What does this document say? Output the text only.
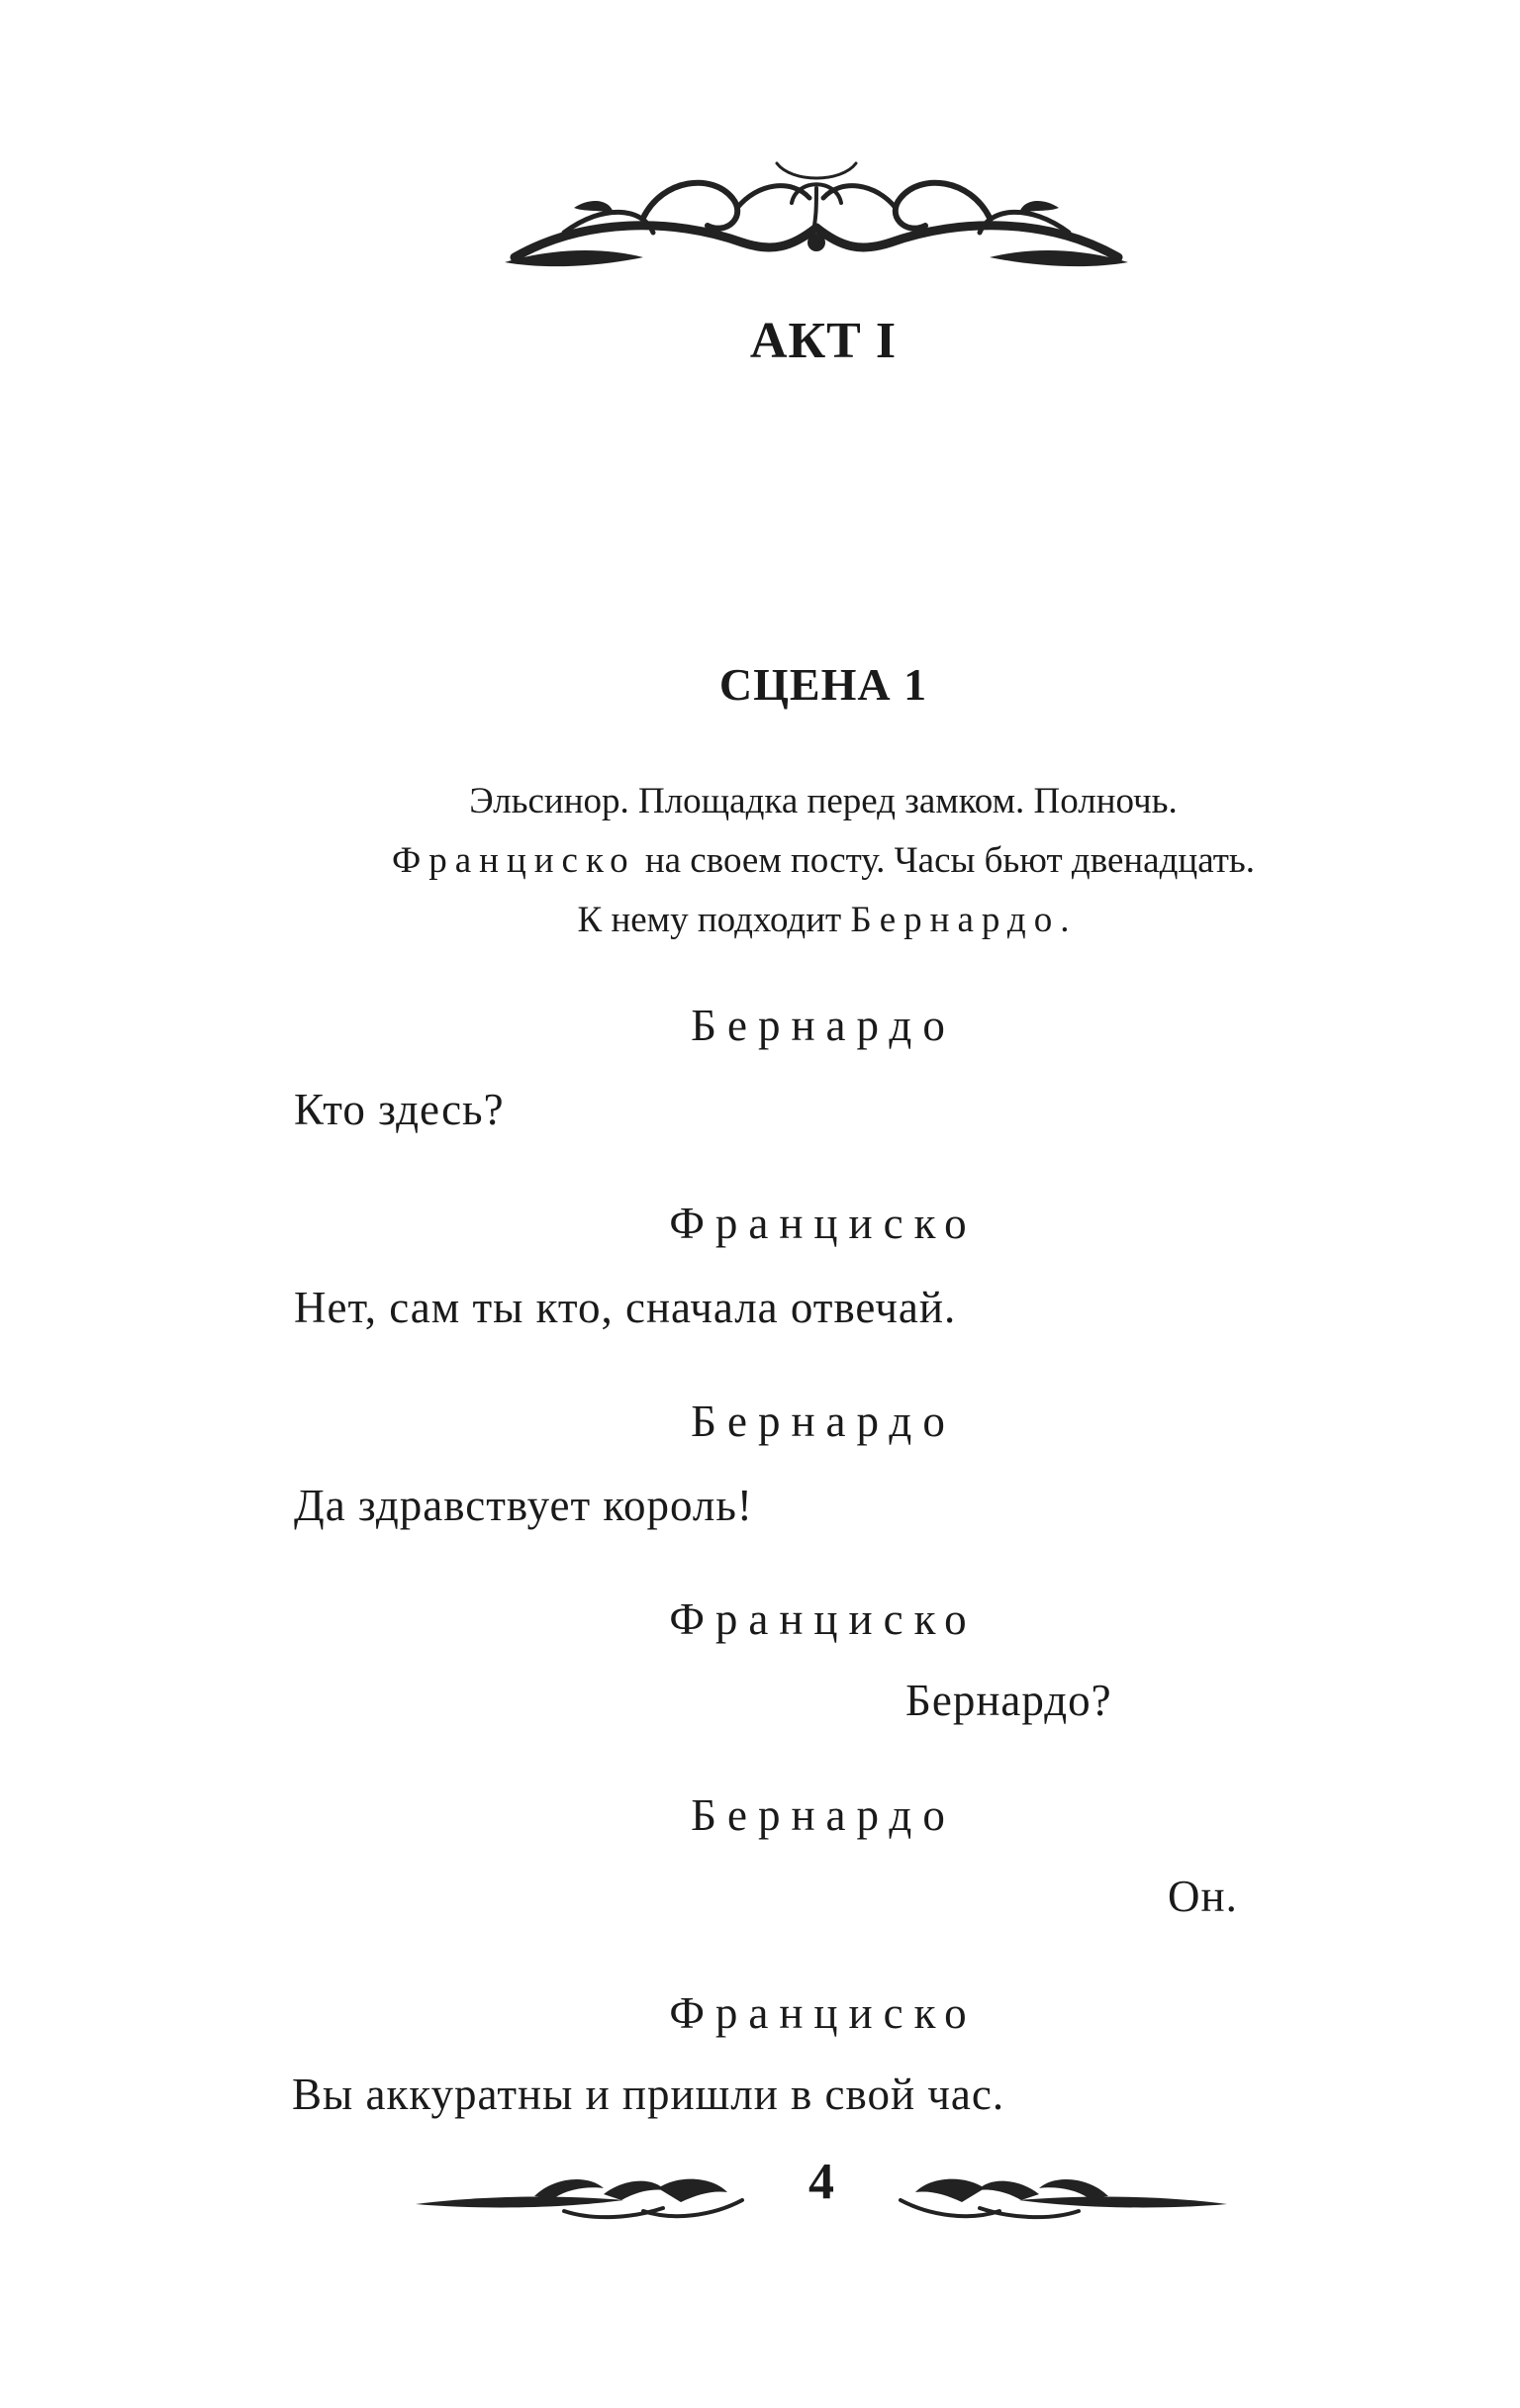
АКТ I
СЦЕНА 1
Эльсинор. Площадка перед замком. Полночь.
Франциско на своем посту. Часы бьют двенадцать.
К нему подходит Бернардо.
Бернардо
Кто здесь?
Франциско
Нет, сам ты кто, сначала отвечай.
Бернардо
Да здравствует король!
Франциско
Бернардо?
Бернардо
Он.
Франциско
Вы аккуратны и пришли в свой час.
4
